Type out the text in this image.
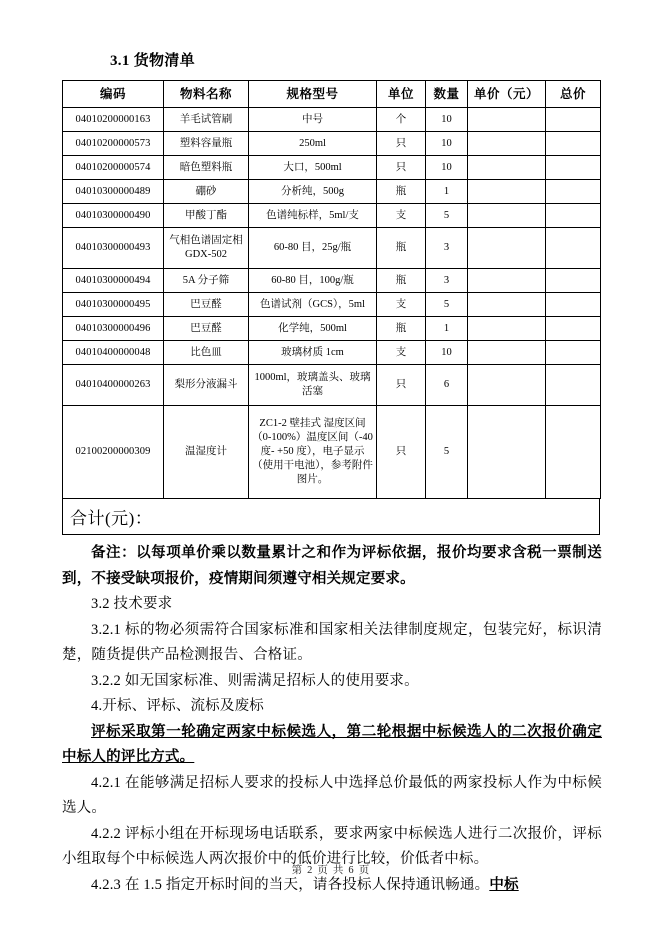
3.1 货物清单
编码	物料名称	规格型号	单位	数量	单价（元）	总价
04010200000163	羊毛试管刷	中号	个	10		
04010200000573	塑料容量瓶	250ml	只	10		
04010200000574	暗色塑料瓶	大口，500ml	只	10		
04010300000489	硼砂	分析纯，500g	瓶	1		
04010300000490	甲酸丁酯	色谱纯标样，5ml/支	支	5		
04010300000493	气相色谱固定相 GDX-502	60-80 目，25g/瓶	瓶	3		
04010300000494	5A 分子筛	60-80 目，100g/瓶	瓶	3		
04010300000495	巴豆醛	色谱试剂（GCS），5ml	支	5		
04010300000496	巴豆醛	化学纯，500ml	瓶	1		
04010400000048	比色皿	玻璃材质 1cm	支	10		
04010400000263	梨形分液漏斗	1000ml，玻璃盖头、玻璃活塞	只	6		
02100200000309	温湿度计	ZC1-2 壁挂式 湿度区间（0-100%）温度区间（-40 度- +50 度），电子显示（使用干电池），参考附件图片。	只	5		
合计(元)：

备注：以每项单价乘以数量累计之和作为评标依据，报价均要求含税一票制送到，不接受缺项报价，疫情期间须遵守相关规定要求。

3.2 技术要求

3.2.1 标的物必须需符合国家标准和国家相关法律制度规定，包装完好，标识清楚，随货提供产品检测报告、合格证。

3.2.2 如无国家标准、则需满足招标人的使用要求。

4.开标、评标、流标及废标

评标采取第一轮确定两家中标候选人，第二轮根据中标候选人的二次报价确定中标人的评比方式。

4.2.1 在能够满足招标人要求的投标人中选择总价最低的两家投标人作为中标候选人。

4.2.2 评标小组在开标现场电话联系，要求两家中标候选人进行二次报价，评标小组取每个中标候选人两次报价中的低价进行比较，价低者中标。

4.2.3 在 1.5 指定开标时间的当天，请各投标人保持通讯畅通。中标

第 2 页 共 6 页
